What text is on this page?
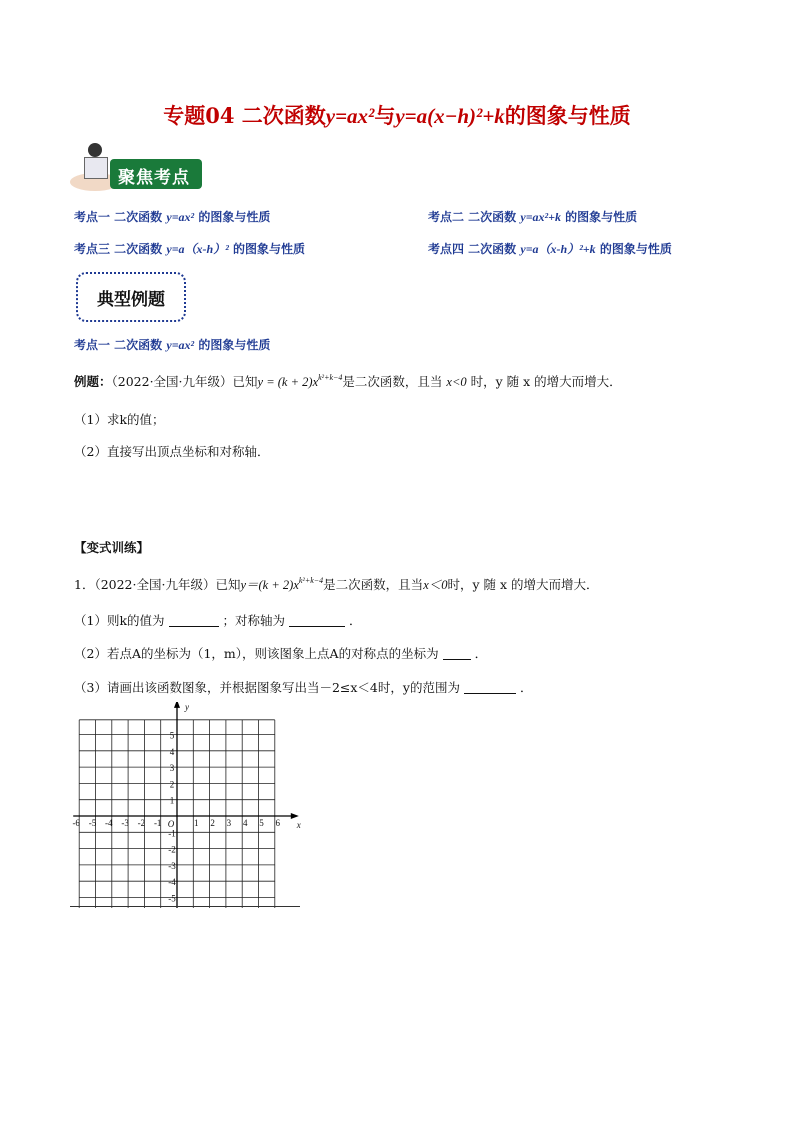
专题04 二次函数y=ax²与y=a(x−h)²+k的图象与性质
聚焦考点
考点一 二次函数 y=ax² 的图象与性质	考点二 二次函数 y=ax²+k 的图象与性质
考点三 二次函数 y=a（x-h）² 的图象与性质	考点四 二次函数 y=a（x-h）²+k 的图象与性质
典型例题
考点一 二次函数 y=ax² 的图象与性质
例题：（2022·全国·九年级）已知$y = (k + 2)x^{k^2+k-4}$是二次函数，且当 x<0 时，y 随 x 的增大而增大．
（1）求k的值；
（2）直接写出顶点坐标和对称轴．
【变式训练】
1．（2022·全国·九年级）已知$y=(k + 2)x^{k^2+k-4}$是二次函数，且当x＜0时，y 随 x 的增大而增大．
（1）则k的值为	；对称轴为	．
（2）若点A的坐标为（1，m），则该图象上点A的对称点的坐标为	．
（3）请画出该函数图象，并根据图象写出当－2≤x＜4时，y的范围为	．
x
y
O
-6 -5 -4 -3 -2 -1	1 2 3 4 5 6
5
4
3
2
1
-1
-2
-3
-4
-5
